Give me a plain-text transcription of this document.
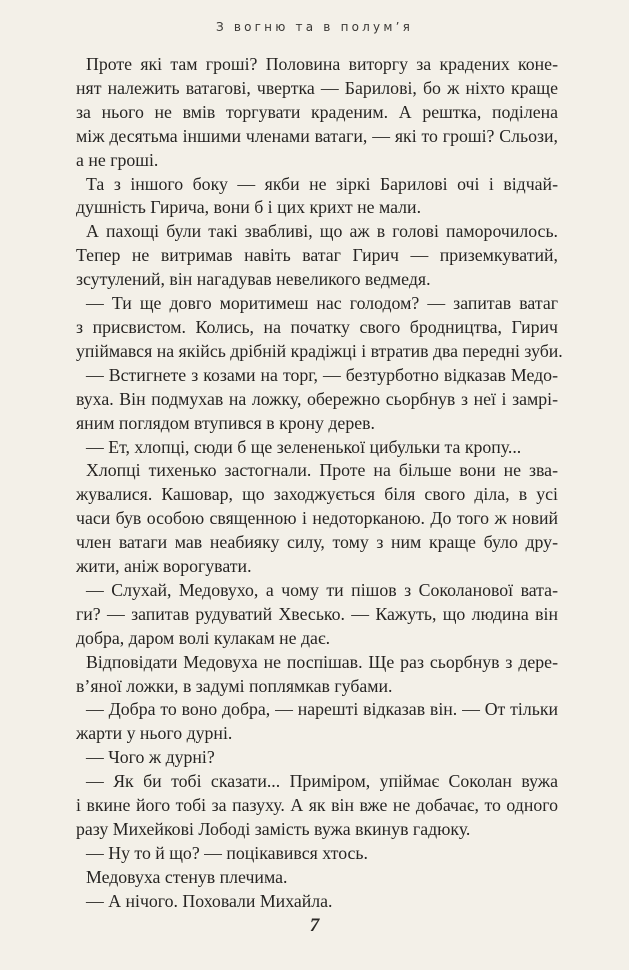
З вогню та в полум’я
Проте які там гроші? Половина виторгу за крадених коне-
нят належить ватагові, чвертка — Бариловi, бо ж ніхто краще
за нього не вмів торгувати краденим. А рештка, поділена
між десятьма іншими членами ватаги, — які то гроші? Сльози,
а не гроші.
Та з іншого боку — якби не зіркі Барилові очі і відчай-
душність Гирича, вони б і цих крихт не мали.
А пахощі були такі звабливі, що аж в голові паморочилось.
Тепер не витримав навіть ватаг Гирич — приземкуватий,
зсутулений, він нагадував невеликого ведмедя.
— Ти ще довго моритимеш нас голодом? — запитав ватаг
з присвистом. Колись, на початку свого бродництва, Гирич
упіймався на якійсь дрібній крадіжці і втратив два передні зуби.
— Встигнете з козами на торг, — безтурботно відказав Медо-
вуха. Він подмухав на ложку, обережно сьорбнув з неї і замрі-
яним поглядом втупився в крону дерев.
— Ет, хлопці, сюди б ще зелененької цибульки та кропу...
Хлопці тихенько застогнали. Проте на більше вони не зва-
жувалися. Кашовар, що заходжується біля свого діла, в усі
часи був особою священною і недоторканою. До того ж новий
член ватаги мав неабияку силу, тому з ним краще було дру-
жити, аніж ворогувати.
— Слухай, Медовухо, а чому ти пішов з Соколанової вата-
ги? — запитав рудуватий Хвесько. — Кажуть, що людина він
добра, даром волі кулакам не дає.
Відповідати Медовуха не поспішав. Ще раз сьорбнув з дере-
в’яної ложки, в задумі поплямкав губами.
— Добра то воно добра, — нарешті відказав він. — От тільки
жарти у нього дурні.
— Чого ж дурні?
— Як би тобі сказати... Приміром, упіймає Соколан вужа
і вкине його тобі за пазуху. А як він вже не добачає, то одного
разу Михейкові Лободі замість вужа вкинув гадюку.
— Ну то й що? — поцікавився хтось.
Медовуха стенув плечима.
— А нічого. Поховали Михайла.
7
